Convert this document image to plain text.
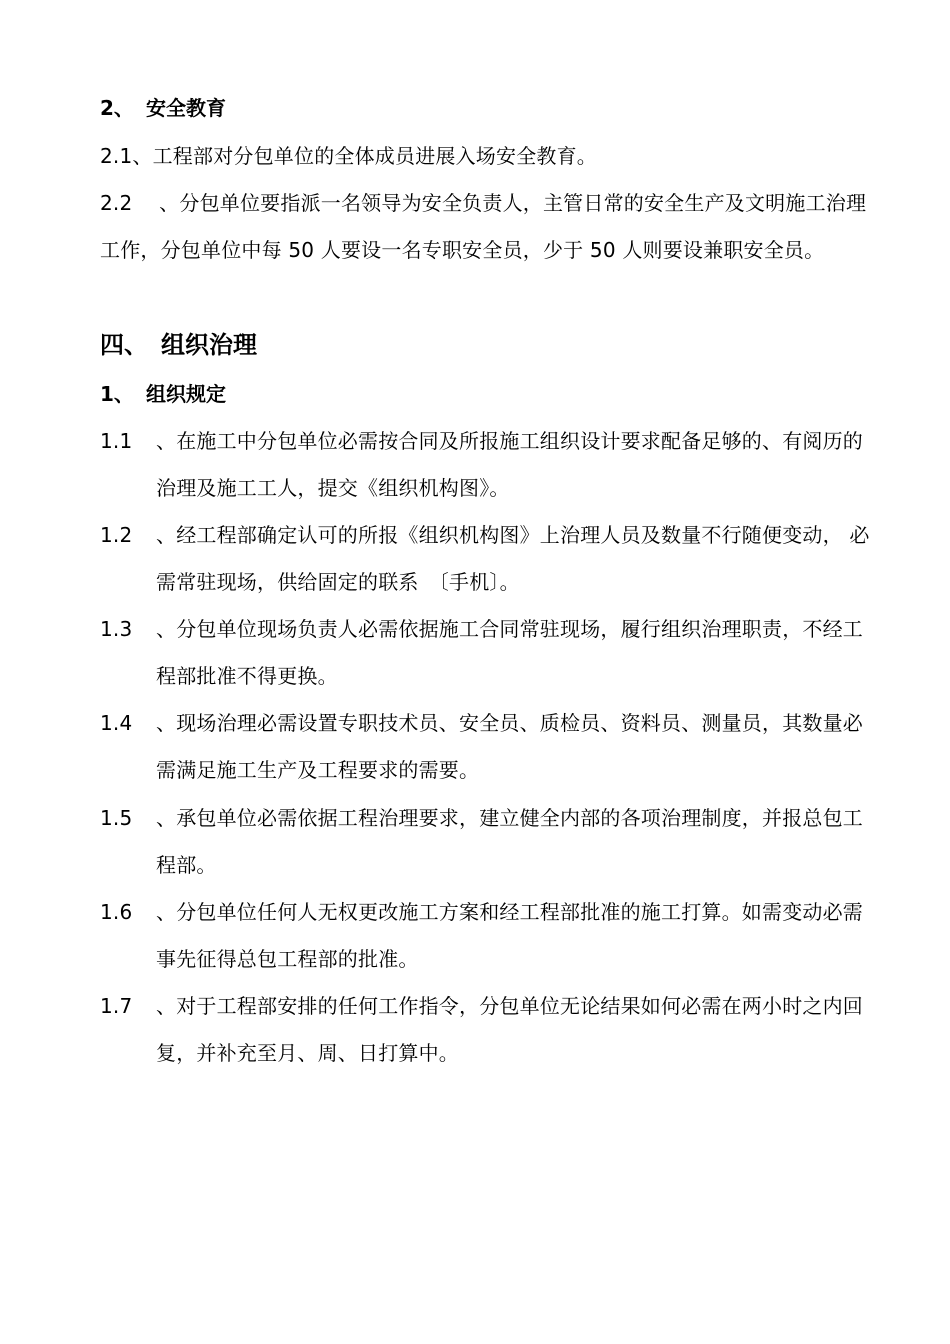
2、 安全教育

2.1、工程部对分包单位的全体成员进展入场安全教育。

2.2　 、分包单位要指派一名领导为安全负责人，主管日常的安全生产及文明施工治理工作，分包单位中每 50 人要设一名专职安全员，少于 50 人则要设兼职安全员。

四、 组织治理
1、 组织规定
1.1	、在施工中分包单位必需按合同及所报施工组织设计要求配备足够的、有阅历的治理及施工工人，提交《组织机构图》。
1.2	、经工程部确定认可的所报《组织机构图》上治理人员及数量不行随便变动， 必需常驻现场，供给固定的联系　〔手机〕。
1.3	、分包单位现场负责人必需依据施工合同常驻现场，履行组织治理职责，不经工程部批准不得更换。
1.4	、现场治理必需设置专职技术员、安全员、质检员、资料员、测量员，其数量必需满足施工生产及工程要求的需要。
1.5	、承包单位必需依据工程治理要求，建立健全内部的各项治理制度，并报总包工程部。
1.6	、分包单位任何人无权更改施工方案和经工程部批准的施工打算。如需变动必需事先征得总包工程部的批准。
1.7	、对于工程部安排的任何工作指令，分包单位无论结果如何必需在两小时之内回复，并补充至月、周、日打算中。
